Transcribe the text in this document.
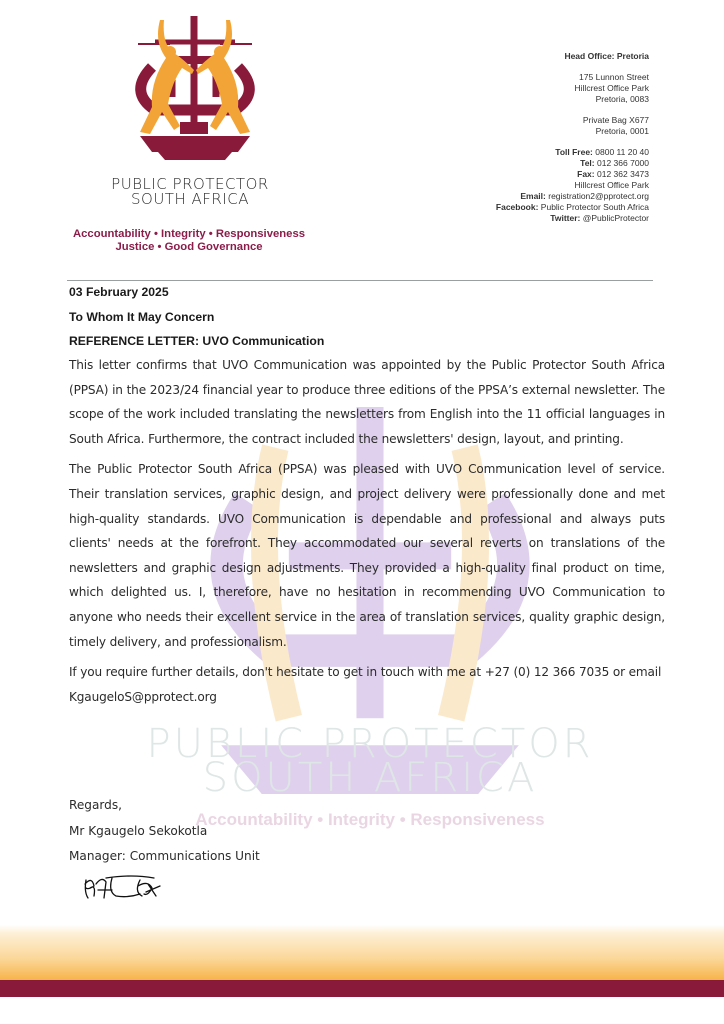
PUBLIC PROTECTOR
SOUTH AFRICA
Accountability • Integrity • Responsiveness
PUBLIC PROTECTOR
SOUTH AFRICA
Accountability • Integrity • Responsiveness
Justice • Good Governance
Head Office: Pretoria
175 Lunnon Street
Hillcrest Office Park
Pretoria, 0083
Private Bag X677
Pretoria, 0001
Toll Free: 0800 11 20 40
Tel: 012 366 7000
Fax: 012 362 3473
Hillcrest Office Park
Email: registration2@pprotect.org
Facebook: Public Protector South Africa
Twitter: @PublicProtector

03 February 2025

To Whom It May Concern

REFERENCE LETTER: UVO Communication

This letter confirms that UVO Communication was appointed by the Public Protector South Africa (PPSA) in the 2023/24 financial year to produce three editions of the PPSA’s external newsletter. The scope of the work included translating the newsletters from English into the 11 official languages in South Africa. Furthermore, the contract included the newsletters' design, layout, and printing.

The Public Protector South Africa (PPSA) was pleased with UVO Communication level of service. Their translation services, graphic design, and project delivery were professionally done and met high-quality standards. UVO Communication is dependable and professional and always puts clients' needs at the forefront. They accommodated our several reverts on translations of the newsletters and graphic design adjustments. They provided a high-quality final product on time, which delighted us. I, therefore, have no hesitation in recommending UVO Communication to anyone who needs their excellent service in the area of translation services, quality graphic design, timely delivery, and professionalism.

If you require further details, don't hesitate to get in touch with me at +27 (0) 12 366 7035 or email KgaugeloS@pprotect.org

Regards,
Mr Kgaugelo Sekokotla
Manager: Communications Unit
